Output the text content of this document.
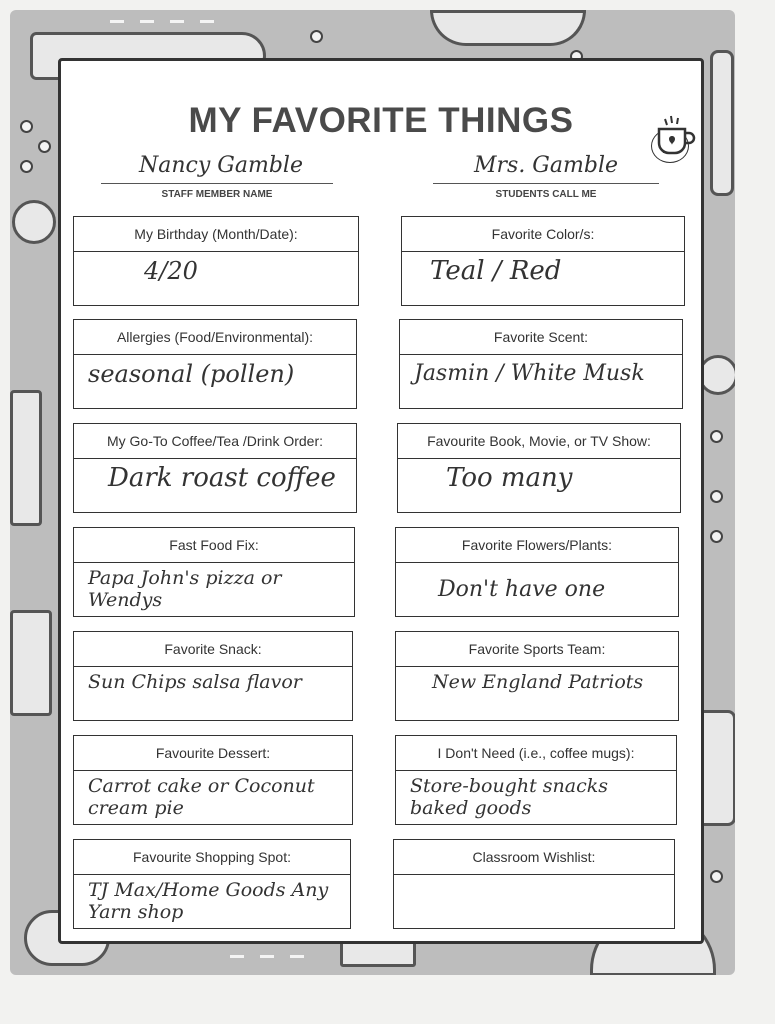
MY FAVORITE THINGS
Nancy Gamble
STAFF MEMBER NAME
Mrs. Gamble
STUDENTS CALL ME
My Birthday (Month/Date):
4/20
Allergies (Food/Environmental):
seasonal (pollen)
My Go-To Coffee/Tea /Drink Order:
Dark roast coffee
Fast Food Fix:
Papa John's pizza or Wendys
Favorite Snack:
Sun Chips salsa flavor
Favourite Dessert:
Carrot cake or Coconut cream pie
Favourite Shopping Spot:
TJ Max/Home Goods Any Yarn shop
Favorite Color/s:
Teal / Red
Favorite Scent:
Jasmin / White Musk
Favourite Book, Movie, or TV Show:
Too many
Favorite Flowers/Plants:
Don't have one
Favorite Sports Team:
New England Patriots
I Don't Need (i.e., coffee mugs):
Store-bought snacks baked goods
Classroom Wishlist:
